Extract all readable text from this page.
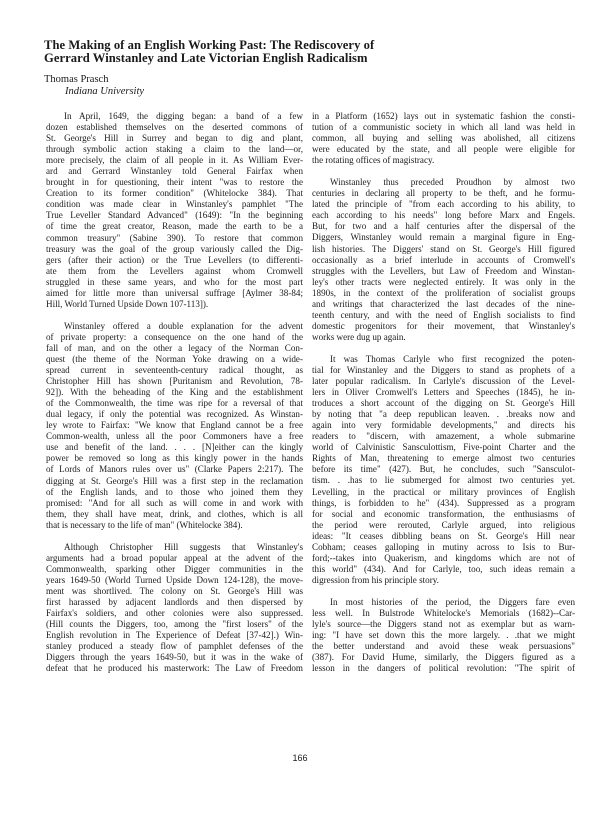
The Making of an English Working Past: The Rediscovery of
Gerrard Winstanley and Late Victorian English Radicalism
Thomas Prasch
Indiana University
In April, 1649, the digging began: a band of a few
dozen established themselves on the deserted commons of
St. George's Hill in Surrey and began to dig and plant,
through symbolic action staking a claim to the land—or,
more precisely, the claim of all people in it. As William Ever-
ard and Gerrard Winstanley told General Fairfax when
brought in for questioning, their intent "was to restore the
Creation to its former condition" (Whitelocke 384). That
condition was made clear in Winstanley's pamphlet "The
True Leveller Standard Advanced" (1649): "In the beginning
of time the great creator, Reason, made the earth to be a
common treasury" (Sabine 390). To restore that common
treasury was the goal of the group variously called the Dig-
gers (after their action) or the True Levellers (to differenti-
ate them from the Levellers against whom Cromwell
struggled in these same years, and who for the most part
aimed for little more than universal suffrage [Aylmer 38-84;
Hill, World Turned Upside Down 107-113]).
Winstanley offered a double explanation for the advent
of private property: a consequence on the one hand of the
fall of man, and on the other a legacy of the Norman Con-
quest (the theme of the Norman Yoke drawing on a wide-
spread current in seventeenth-century radical thought, as
Christopher Hill has shown [Puritanism and Revolution, 78-
92]). With the beheading of the King and the establishment
of the Commonwealth, the time was ripe for a reversal of that
dual legacy, if only the potential was recognized. As Winstan-
ley wrote to Fairfax: "We know that England cannot be a free
Common-wealth, unless all the poor Commoners have a free
use and benefit of the land. . . . [N]either can the kingly
power be removed so long as this kingly power in the hands
of Lords of Manors rules over us" (Clarke Papers 2:217). The
digging at St. George's Hill was a first step in the reclamation
of the English lands, and to those who joined them they
promised: "And for all such as will come in and work with
them, they shall have meat, drink, and clothes, which is all
that is necessary to the life of man" (Whitelocke 384).
Although Christopher Hill suggests that Winstanley's
arguments had a broad popular appeal at the advent of the
Commonwealth, sparking other Digger communities in the
years 1649-50 (World Turned Upside Down 124-128), the move-
ment was shortlived. The colony on St. George's Hill was
first harassed by adjacent landlords and then dispersed by
Fairfax's soldiers, and other colonies were also suppressed.
(Hill counts the Diggers, too, among the "first losers" of the
English revolution in The Experience of Defeat [37-42].) Win-
stanley produced a steady flow of pamphlet defenses of the
Diggers through the years 1649-50, but it was in the wake of
defeat that he produced his masterwork: The Law of Freedom
in a Platform (1652) lays out in systematic fashion the consti-
tution of a communistic society in which all land was held in
common, all buying and selling was abolished, all citizens
were educated by the state, and all people were eligible for
the rotating offices of magistracy.
Winstanley thus preceded Proudhon by almost two
centuries in declaring all property to be theft, and he formu-
lated the principle of "from each according to his ability, to
each according to his needs" long before Marx and Engels.
But, for two and a half centuries after the dispersal of the
Diggers, Winstanley would remain a marginal figure in Eng-
lish histories. The Diggers' stand on St. George's Hill figured
occasionally as a brief interlude in accounts of Cromwell's
struggles with the Levellers, but Law of Freedom and Winstan-
ley's other tracts were neglected entirely. It was only in the
1890s, in the context of the proliferation of socialist groups
and writings that characterized the last decades of the nine-
teenth century, and with the need of English socialists to find
domestic progenitors for their movement, that Winstanley's
works were dug up again.
It was Thomas Carlyle who first recognized the poten-
tial for Winstanley and the Diggers to stand as prophets of a
later popular radicalism. In Carlyle's discussion of the Level-
lers in Oliver Cromwell's Letters and Speeches (1845), he in-
troduces a short account of the digging on St. George's Hill
by noting that "a deep republican leaven. . .breaks now and
again into very formidable developments," and directs his
readers to "discern, with amazement, a whole submarine
world of Calvinistic Sansculottism, Five-point Charter and the
Rights of Man, threatening to emerge almost two centuries
before its time" (427). But, he concludes, such "Sansculot-
tism. . .has to lie submerged for almost two centuries yet.
Levelling, in the practical or military provinces of English
things, is forbidden to he" (434). Suppressed as a program
for social and economic transformation, the enthusiasms of
the period were rerouted, Carlyle argued, into religious
ideas: "It ceases dibbling beans on St. George's Hill near
Cobham; ceases galloping in mutiny across to Isis to Bur-
ford;--takes into Quakerism, and kingdoms which are not of
this world" (434). And for Carlyle, too, such ideas remain a
digression from his principle story.
In most histories of the period, the Diggers fare even
less well. In Bulstrode Whitelocke's Memorials (1682)--Car-
lyle's source—the Diggers stand not as exemplar but as warn-
ing: "I have set down this the more largely. . .that we might
the better understand and avoid these weak persuasions"
(387). For David Hume, similarly, the Diggers figured as a
lesson in the dangers of political revolution: "The spirit of
166
